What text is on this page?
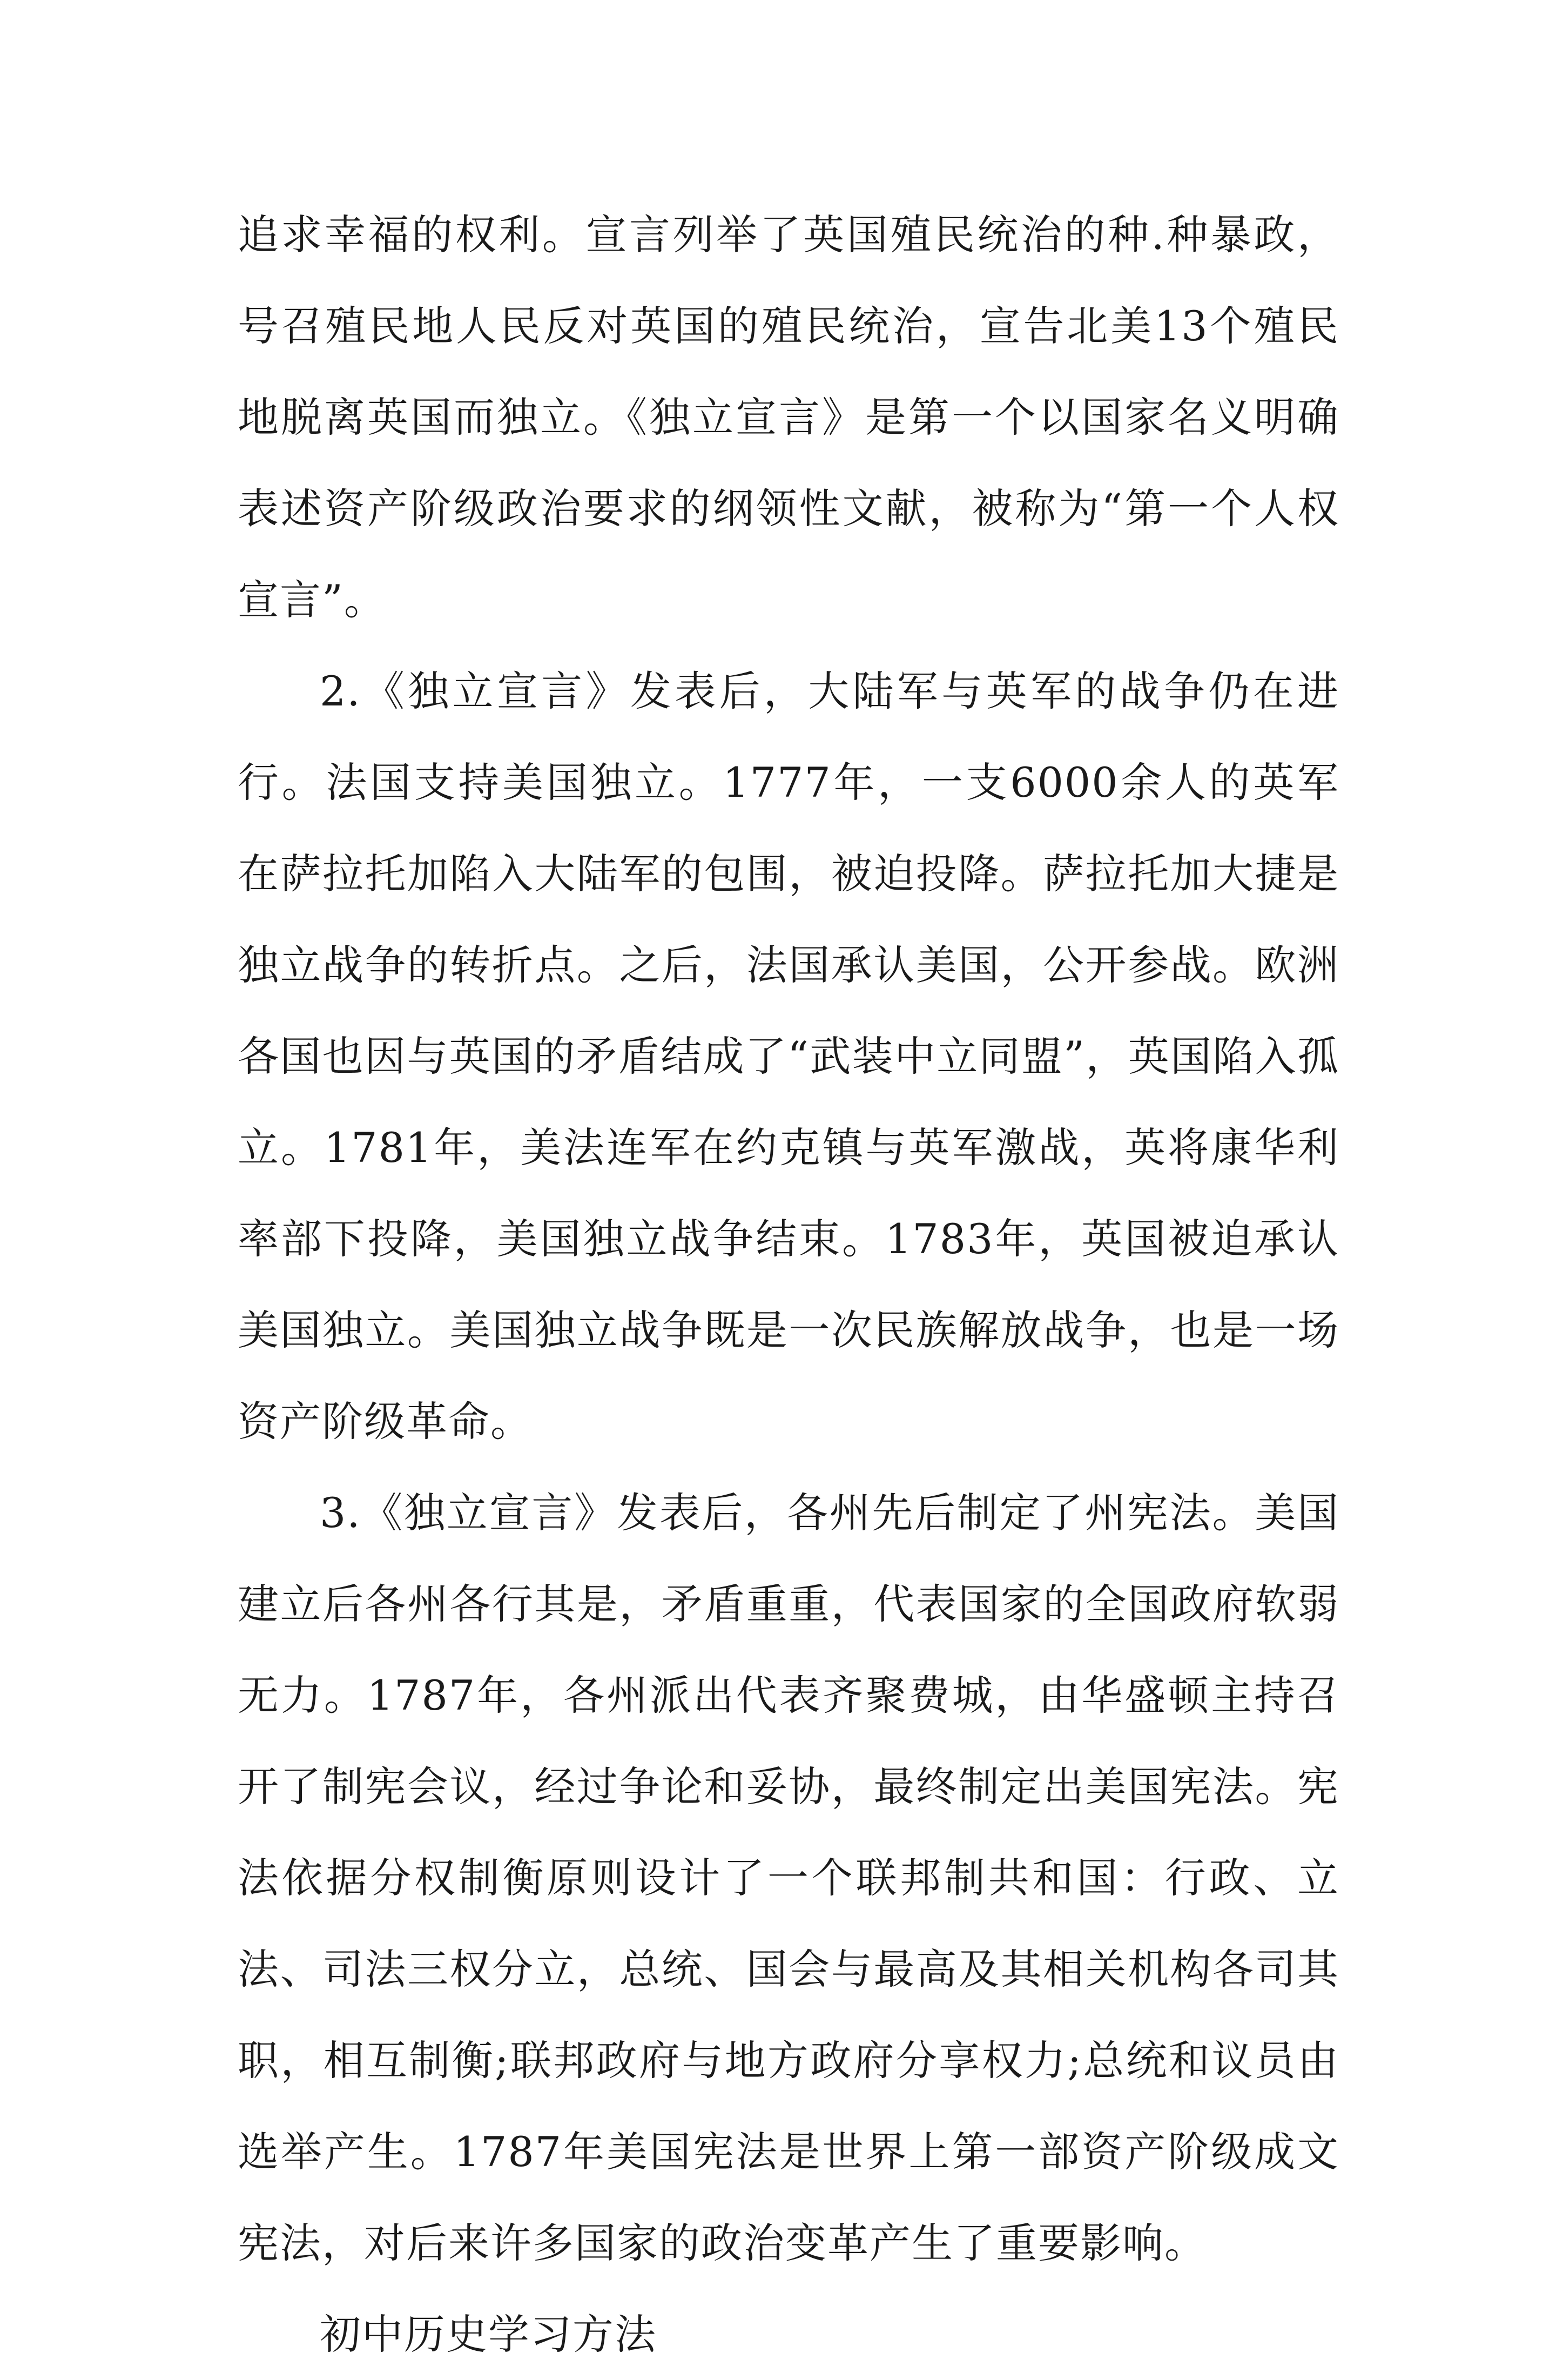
追求幸福的权利。宣言列举了英国殖民统治的种.种暴政，号召殖民地人民反对英国的殖民统治，宣告北美13个殖民地脱离英国而独立。《独立宣言》是第一个以国家名义明确表述资产阶级政治要求的纲领性文献，被称为“第一个人权宣言”。

2.《独立宣言》发表后，大陆军与英军的战争仍在进行。法国支持美国独立。1777年，一支6000余人的英军在萨拉托加陷入大陆军的包围，被迫投降。萨拉托加大捷是独立战争的转折点。之后，法国承认美国，公开参战。欧洲各国也因与英国的矛盾结成了“武装中立同盟”，英国陷入孤立。1781年，美法连军在约克镇与英军激战，英将康华利率部下投降，美国独立战争结束。1783年，英国被迫承认美国独立。美国独立战争既是一次民族解放战争，也是一场资产阶级革命。

3.《独立宣言》发表后，各州先后制定了州宪法。美国建立后各州各行其是，矛盾重重，代表国家的全国政府软弱无力。1787年，各州派出代表齐聚费城，由华盛顿主持召开了制宪会议，经过争论和妥协，最终制定出美国宪法。宪法依据分权制衡原则设计了一个联邦制共和国：行政、立法、司法三权分立，总统、国会与最高及其相关机构各司其职，相互制衡;联邦政府与地方政府分享权力;总统和议员由选举产生。1787年美国宪法是世界上第一部资产阶级成文宪法，对后来许多国家的政治变革产生了重要影响。

初中历史学习方法
